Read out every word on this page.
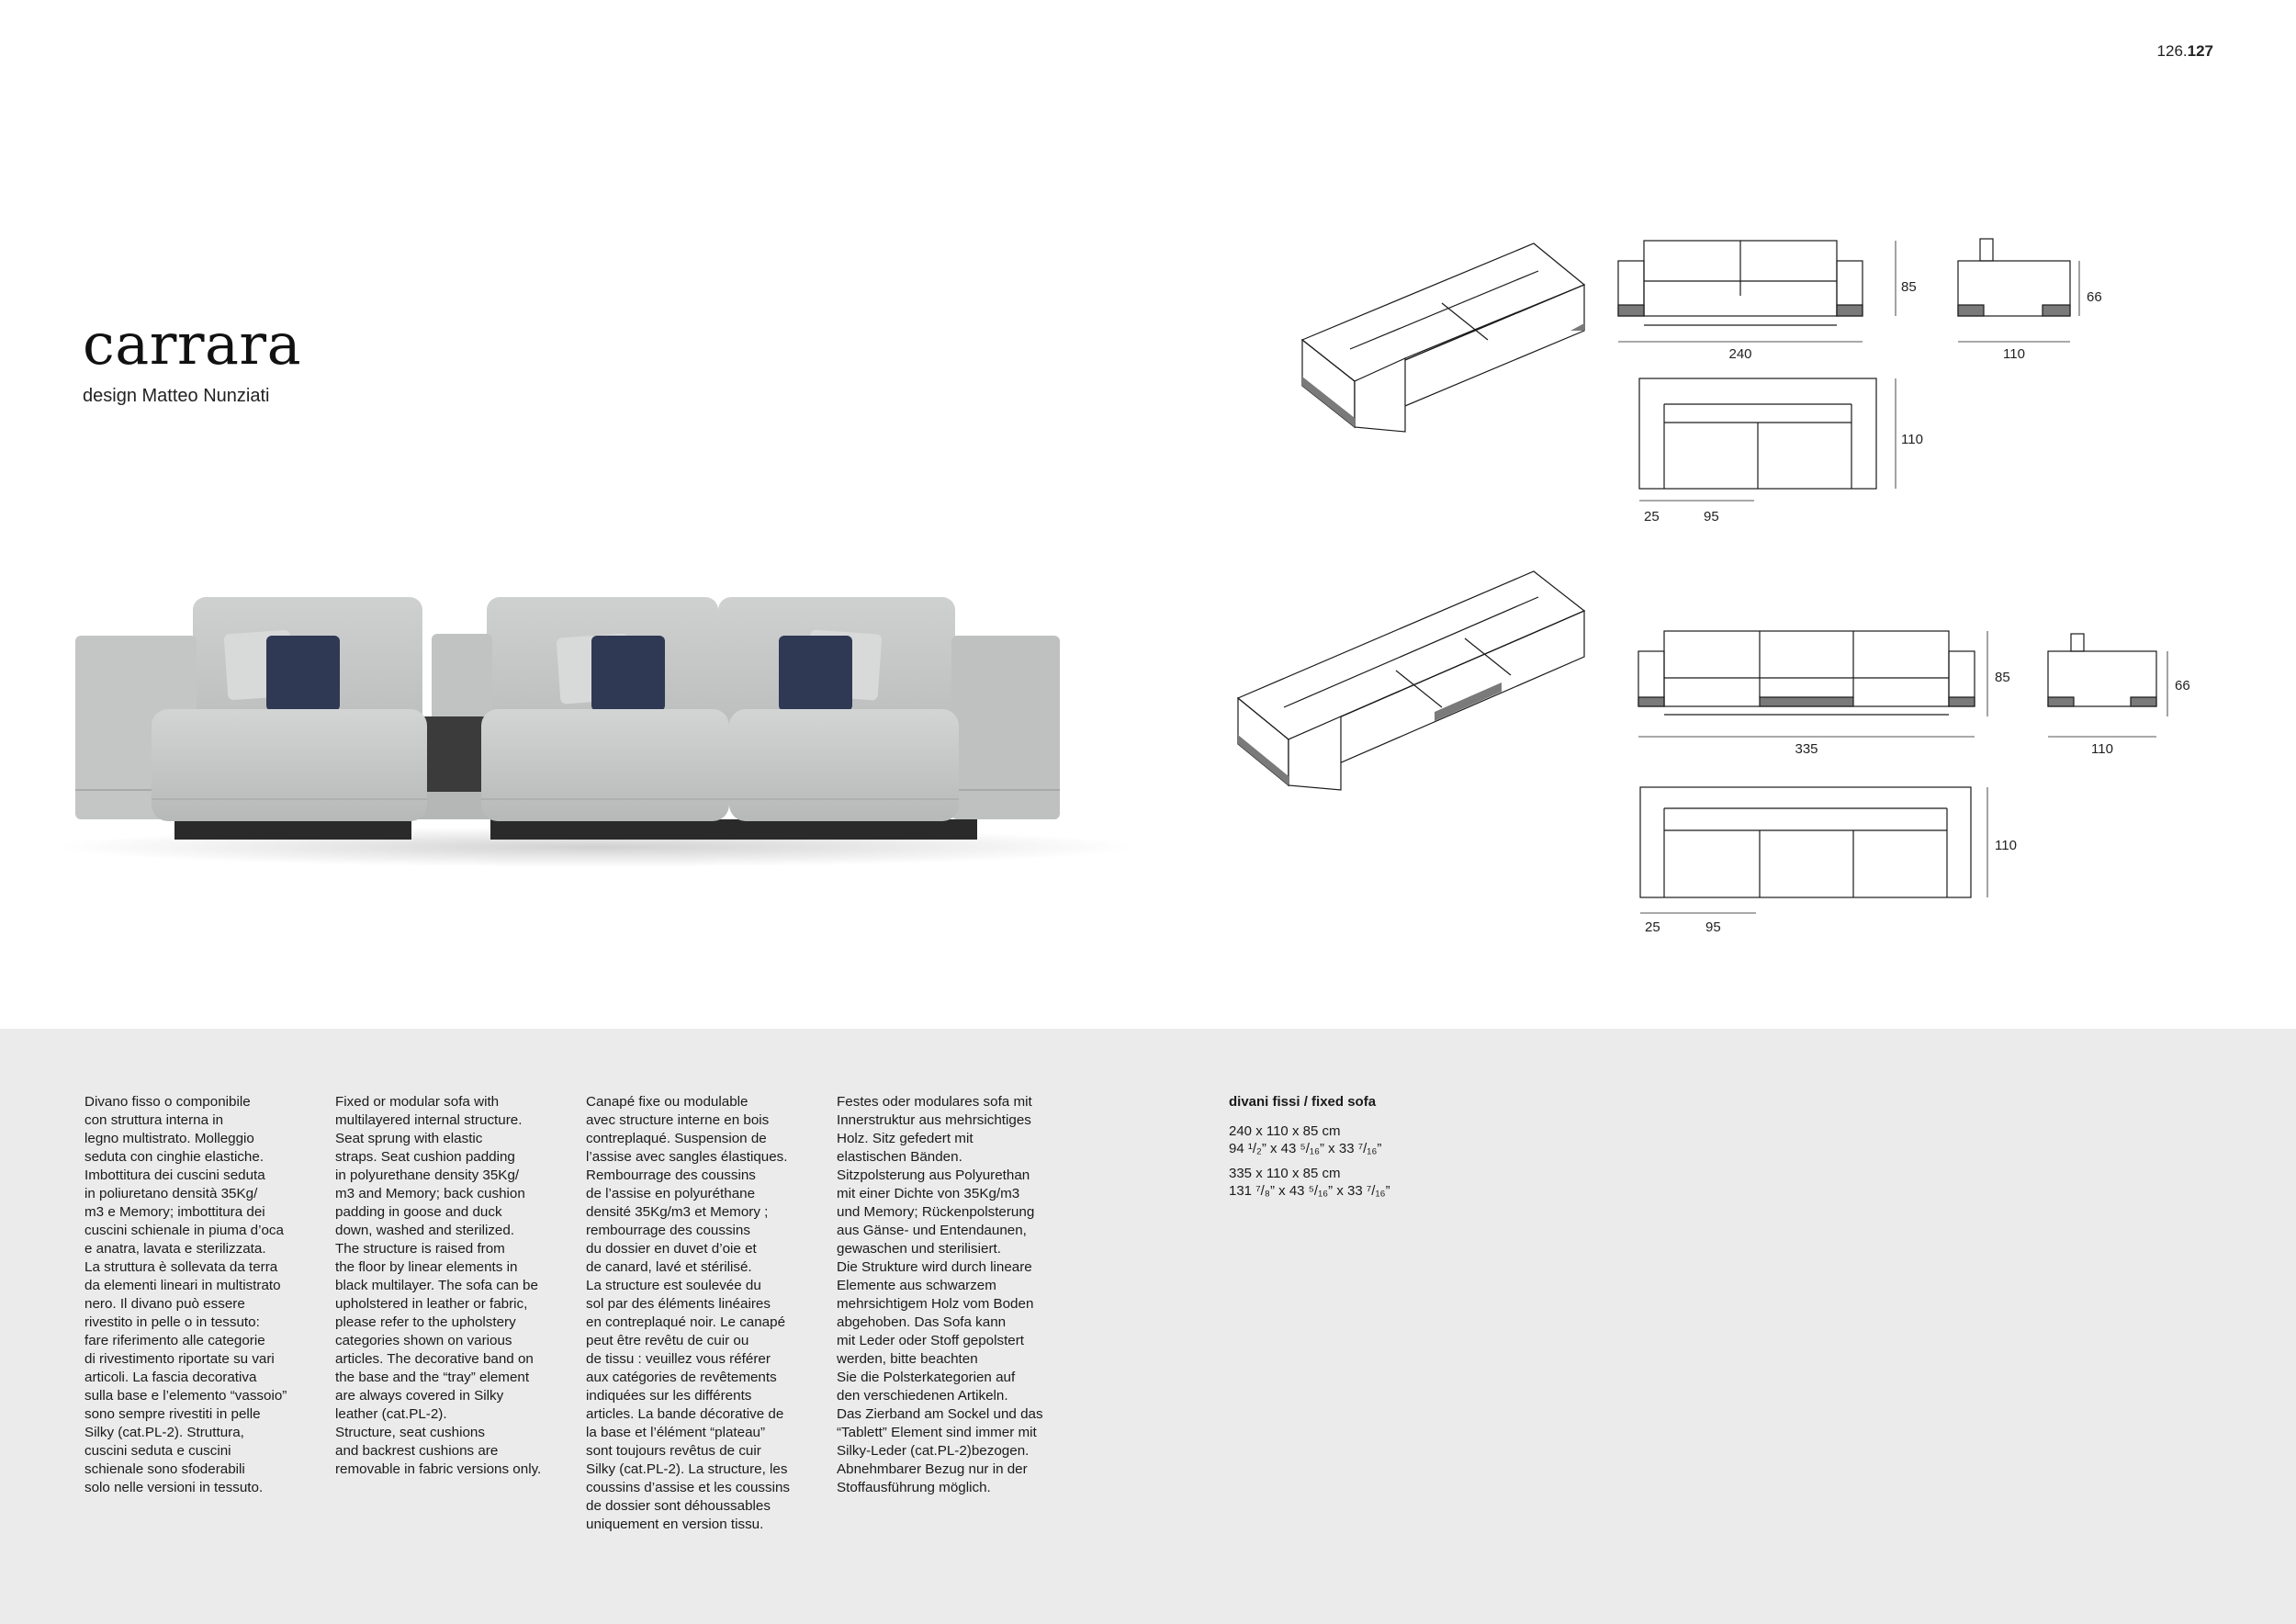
126.127
carrara
design Matteo Nunziati
85
240
66
110
110
25	95
85
335
66
110
110
25	95
Divano fisso o componibile
con struttura interna in
legno multistrato. Molleggio
seduta con cinghie elastiche.
Imbottitura dei cuscini seduta
in poliuretano densità 35Kg/
m3 e Memory; imbottitura dei
cuscini schienale in piuma d’oca
e anatra, lavata e sterilizzata.
La struttura è sollevata da terra
da elementi lineari in multistrato
nero. Il divano può essere
rivestito in pelle o in tessuto:
fare riferimento alle categorie
di rivestimento riportate su vari
articoli. La fascia decorativa
sulla base e l’elemento “vassoio”
sono sempre rivestiti in pelle
Silky (cat.PL-2). Struttura,
cuscini seduta e cuscini
schienale sono sfoderabili
solo nelle versioni in tessuto.
Fixed or modular sofa with
multilayered internal structure.
Seat sprung with elastic
straps. Seat cushion padding
in polyurethane density 35Kg/
m3 and Memory; back cushion
padding in goose and duck
down, washed and sterilized.
The structure is raised from
the floor by linear elements in
black multilayer. The sofa can be
upholstered in leather or fabric,
please refer to the upholstery
categories shown on various
articles. The decorative band on
the base and the “tray” element
are always covered in Silky
leather (cat.PL-2).
Structure, seat cushions
and backrest cushions are
removable in fabric versions only.
Canapé fixe ou modulable
avec structure interne en bois
contreplaqué. Suspension de
l’assise avec sangles élastiques.
Rembourrage des coussins
de l’assise en polyuréthane
densité 35Kg/m3 et Memory ;
rembourrage des coussins
du dossier en duvet d’oie et
de canard, lavé et stérilisé.
La structure est soulevée du
sol par des éléments linéaires
en contreplaqué noir. Le canapé
peut être revêtu de cuir ou
de tissu : veuillez vous référer
aux catégories de revêtements
indiquées sur les différents
articles. La bande décorative de
la base et l’élément “plateau”
sont toujours revêtus de cuir
Silky (cat.PL-2). La structure, les
coussins d’assise et les coussins
de dossier sont déhoussables
uniquement en version tissu.
Festes oder modulares sofa mit
Innerstruktur aus mehrsichtiges
Holz. Sitz gefedert mit
elastischen Bänden.
Sitzpolsterung aus Polyurethan
mit einer Dichte von 35Kg/m3
und Memory; Rückenpolsterung
aus Gänse- und Entendaunen,
gewaschen und sterilisiert.
Die Strukture wird durch lineare
Elemente aus schwarzem
mehrsichtigem Holz vom Boden
abgehoben. Das Sofa kann
mit Leder oder Stoff gepolstert
werden, bitte beachten
Sie die Polsterkategorien auf
den verschiedenen Artikeln.
Das Zierband am Sockel und das
“Tablett” Element sind immer mit
Silky-Leder (cat.PL-2)bezogen.
Abnehmbarer Bezug nur in der
Stoffausführung möglich.
divani fissi / fixed sofa
240 x 110 x 85 cm
94 ¹/₂” x 43 ⁵/₁₆” x 33 ⁷/₁₆”
335 x 110 x 85 cm
131 ⁷/₈” x 43 ⁵/₁₆” x 33 ⁷/₁₆”
